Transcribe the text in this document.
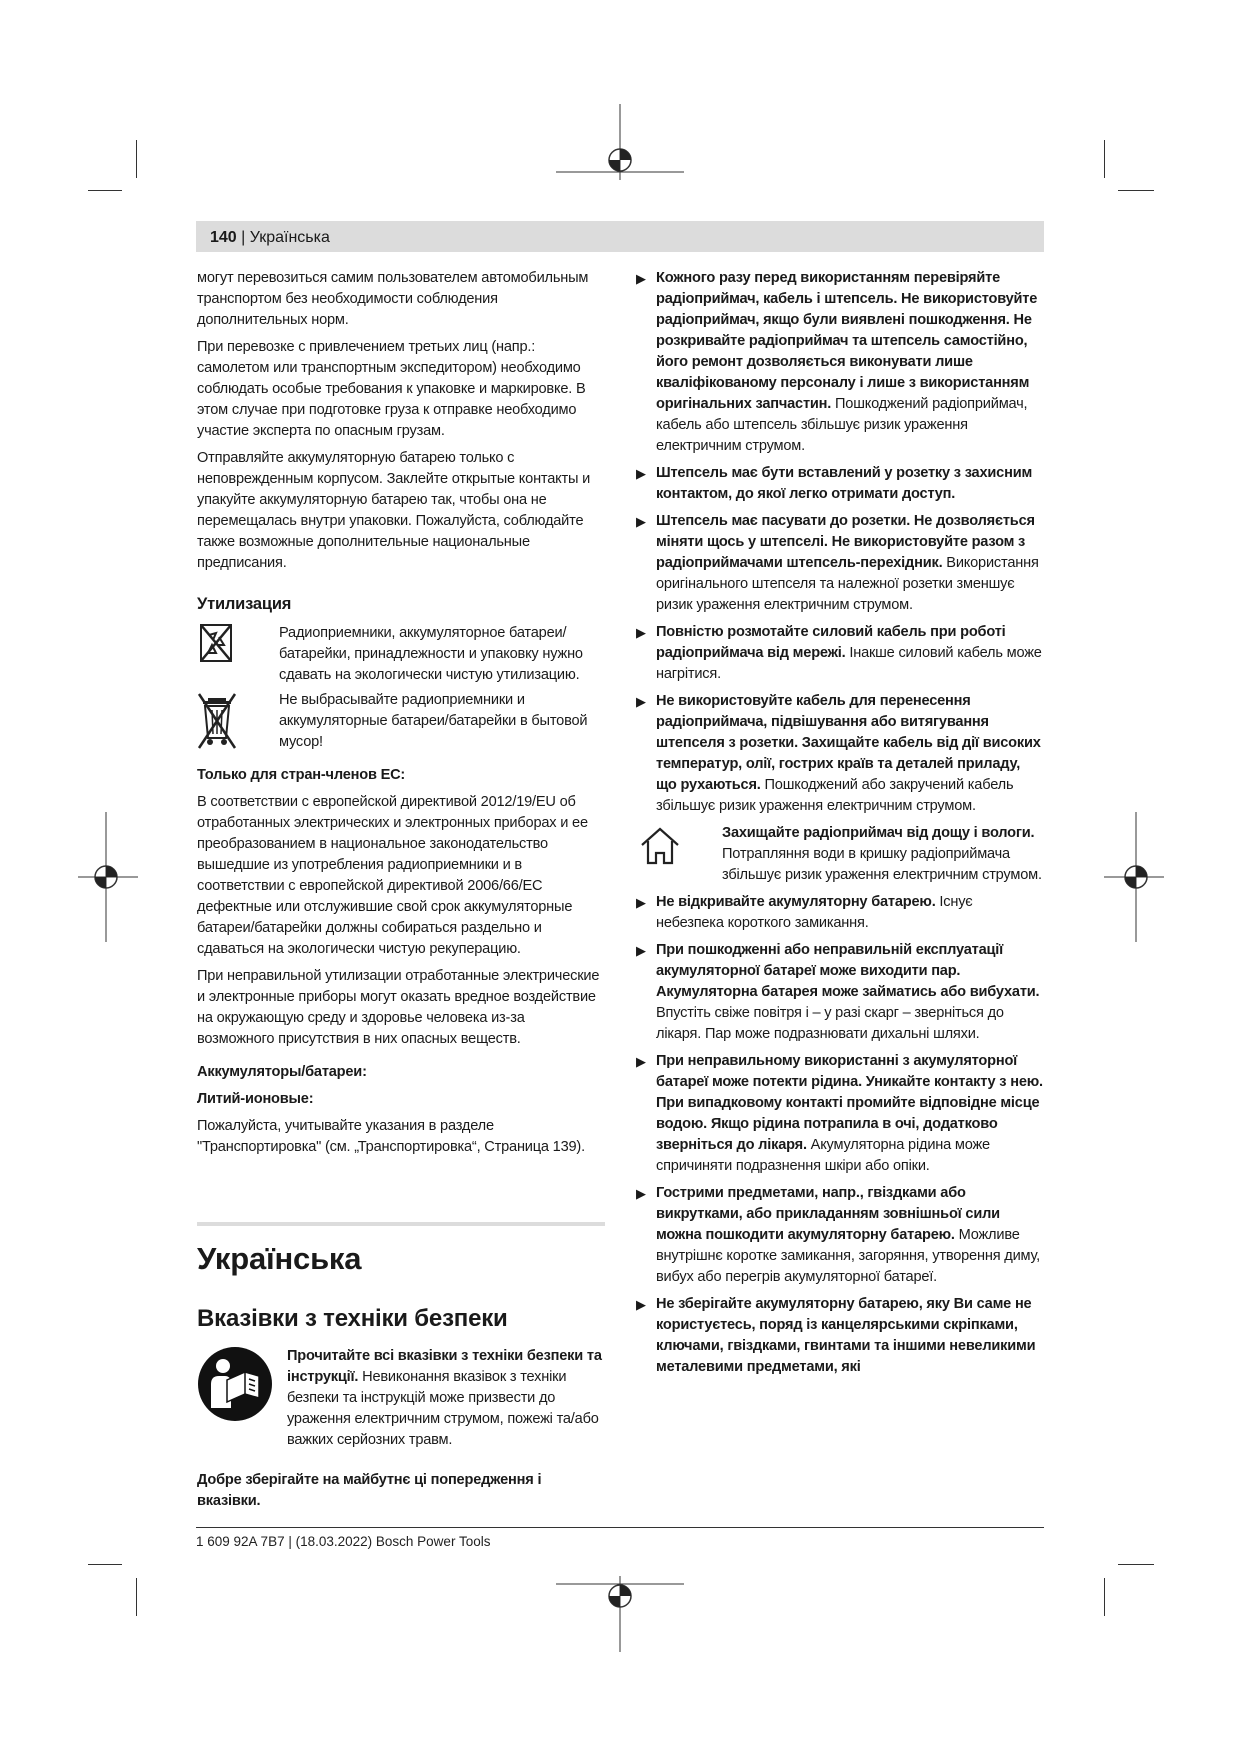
140 | Українська

могут перевозиться самим пользователем автомобильным транспортом без необходимости соблюдения дополнительных норм.

При перевозке с привлечением третьих лиц (напр.: самолетом или транспортным экспедитором) необходимо соблюдать особые требования к упаковке и маркировке. В этом случае при подготовке груза к отправке необходимо участие эксперта по опасным грузам.

Отправляйте аккумуляторную батарею только с неповрежденным корпусом. Заклейте открытые контакты и упакуйте аккумуляторную батарею так, чтобы она не перемещалась внутри упаковки. Пожалуйста, соблюдайте также возможные дополнительные национальные предписания.

Утилизация
Радиоприемники, аккумуляторное батареи/батарейки, принадлежности и упаковку нужно сдавать на экологически чистую утилизацию.
Не выбрасывайте радиоприемники и аккумуляторные батареи/батарейки в бытовой мусор!

Только для стран-членов ЕС:

В соответствии с европейской директивой 2012/19/EU об отработанных электрических и электронных приборах и ее преобразованием в национальное законодательство вышедшие из употребления радиоприемники и в соответствии с европейской директивой 2006/66/EC дефектные или отслужившие свой срок аккумуляторные батареи/батарейки должны собираться раздельно и сдаваться на экологически чистую рекуперацию.

При неправильной утилизации отработанные электрические и электронные приборы могут оказать вредное воздействие на окружающую среду и здоровье человека из-за возможного присутствия в них опасных веществ.

Аккумуляторы/батареи:

Литий-ионовые:

Пожалуйста, учитывайте указания в разделе "Транспортировка" (см. „Транспортировка“, Страница 139).

Українська
Вказівки з техніки безпеки
Прочитайте всі вказівки з техніки безпеки та інструкції. Невиконання вказівок з техніки безпеки та інструкцій може призвести до ураження електричним струмом, пожежі та/або важких серйозних травм.

Добре зберігайте на майбутнє ці попередження і вказівки.

▶ Кожного разу перед використанням перевіряйте радіоприймач, кабель і штепсель. Не використовуйте радіоприймач, якщо були виявлені пошкодження. Не розкривайте радіоприймач та штепсель самостійно, його ремонт дозволяється виконувати лише кваліфікованому персоналу і лише з використанням оригінальних запчастин. Пошкоджений радіоприймач, кабель або штепсель збільшує ризик ураження електричним струмом.
▶ Штепсель має бути вставлений у розетку з захисним контактом, до якої легко отримати доступ.
▶ Штепсель має пасувати до розетки. Не дозволяється міняти щось у штепселі. Не використовуйте разом з радіоприймачами штепсель-перехідник. Використання оригінального штепселя та належної розетки зменшує ризик ураження електричним струмом.
▶ Повністю розмотайте силовий кабель при роботі радіоприймача від мережі. Інакше силовий кабель може нагрітися.
▶ Не використовуйте кабель для перенесення радіоприймача, підвішування або витягування штепселя з розетки. Захищайте кабель від дії високих температур, олії, гострих країв та деталей приладу, що рухаються. Пошкоджений або закручений кабель збільшує ризик ураження електричним струмом.
Захищайте радіоприймач від дощу і вологи. Потрапляння води в кришку радіоприймача збільшує ризик ураження електричним струмом.
▶ Не відкривайте акумуляторну батарею. Існує небезпека короткого замикання.
▶ При пошкодженні або неправильній експлуатації акумуляторної батареї може виходити пар. Акумуляторна батарея може займатись або вибухати. Впустіть свіже повітря і – у разі скарг – зверніться до лікаря. Пар може подразнювати дихальні шляхи.
▶ При неправильному використанні з акумуляторної батареї може потекти рідина. Уникайте контакту з нею. При випадковому контакті промийте відповідне місце водою. Якщо рідина потрапила в очі, додатково зверніться до лікаря. Акумуляторна рідина може спричиняти подразнення шкіри або опіки.
▶ Гострими предметами, напр., гвіздками або викрутками, або прикладанням зовнішньої сили можна пошкодити акумуляторну батарею. Можливе внутрішнє коротке замикання, загоряння, утворення диму, вибух або перегрів акумуляторної батареї.
▶ Не зберігайте акумуляторну батарею, яку Ви саме не користуєтесь, поряд із канцелярськими скріпками, ключами, гвіздками, гвинтами та іншими невеликими металевими предметами, які
1 609 92A 7B7 | (18.03.2022) Bosch Power Tools
